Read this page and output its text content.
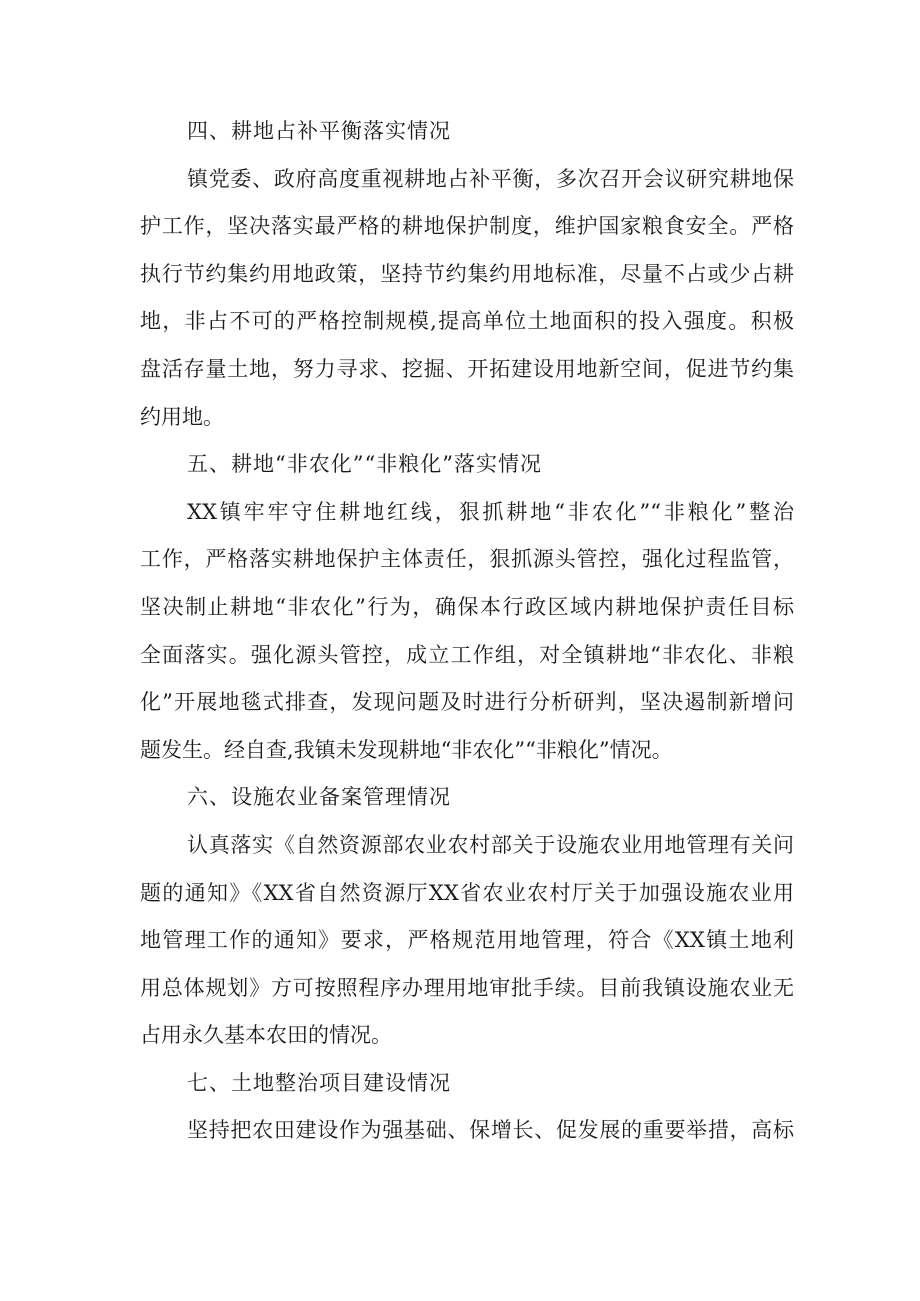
四、耕地占补平衡落实情况
镇党委、政府高度重视耕地占补平衡，多次召开会议研究耕地保
护工作，坚决落实最严格的耕地保护制度，维护国家粮食安全。严格
执行节约集约用地政策，坚持节约集约用地标准，尽量不占或少占耕
地，非占不可的严格控制规模,提高单位土地面积的投入强度。积极
盘活存量土地，努力寻求、挖掘、开拓建设用地新空间，促进节约集
约用地。
五、耕地“非农化”“非粮化”落实情况
XX镇牢牢守住耕地红线，狠抓耕地“非农化”“非粮化”整治
工作，严格落实耕地保护主体责任，狠抓源头管控，强化过程监管，
坚决制止耕地“非农化”行为，确保本行政区域内耕地保护责任目标
全面落实。强化源头管控，成立工作组，对全镇耕地“非农化、非粮
化”开展地毯式排查，发现问题及时进行分析研判，坚决遏制新增问
题发生。经自查,我镇未发现耕地“非农化”“非粮化”情况。
六、设施农业备案管理情况
认真落实《自然资源部农业农村部关于设施农业用地管理有关问
题的通知》《XX省自然资源厅XX省农业农村厅关于加强设施农业用
地管理工作的通知》要求，严格规范用地管理，符合《XX镇土地利
用总体规划》方可按照程序办理用地审批手续。目前我镇设施农业无
占用永久基本农田的情况。
七、土地整治项目建设情况
坚持把农田建设作为强基础、保增长、促发展的重要举措，高标
